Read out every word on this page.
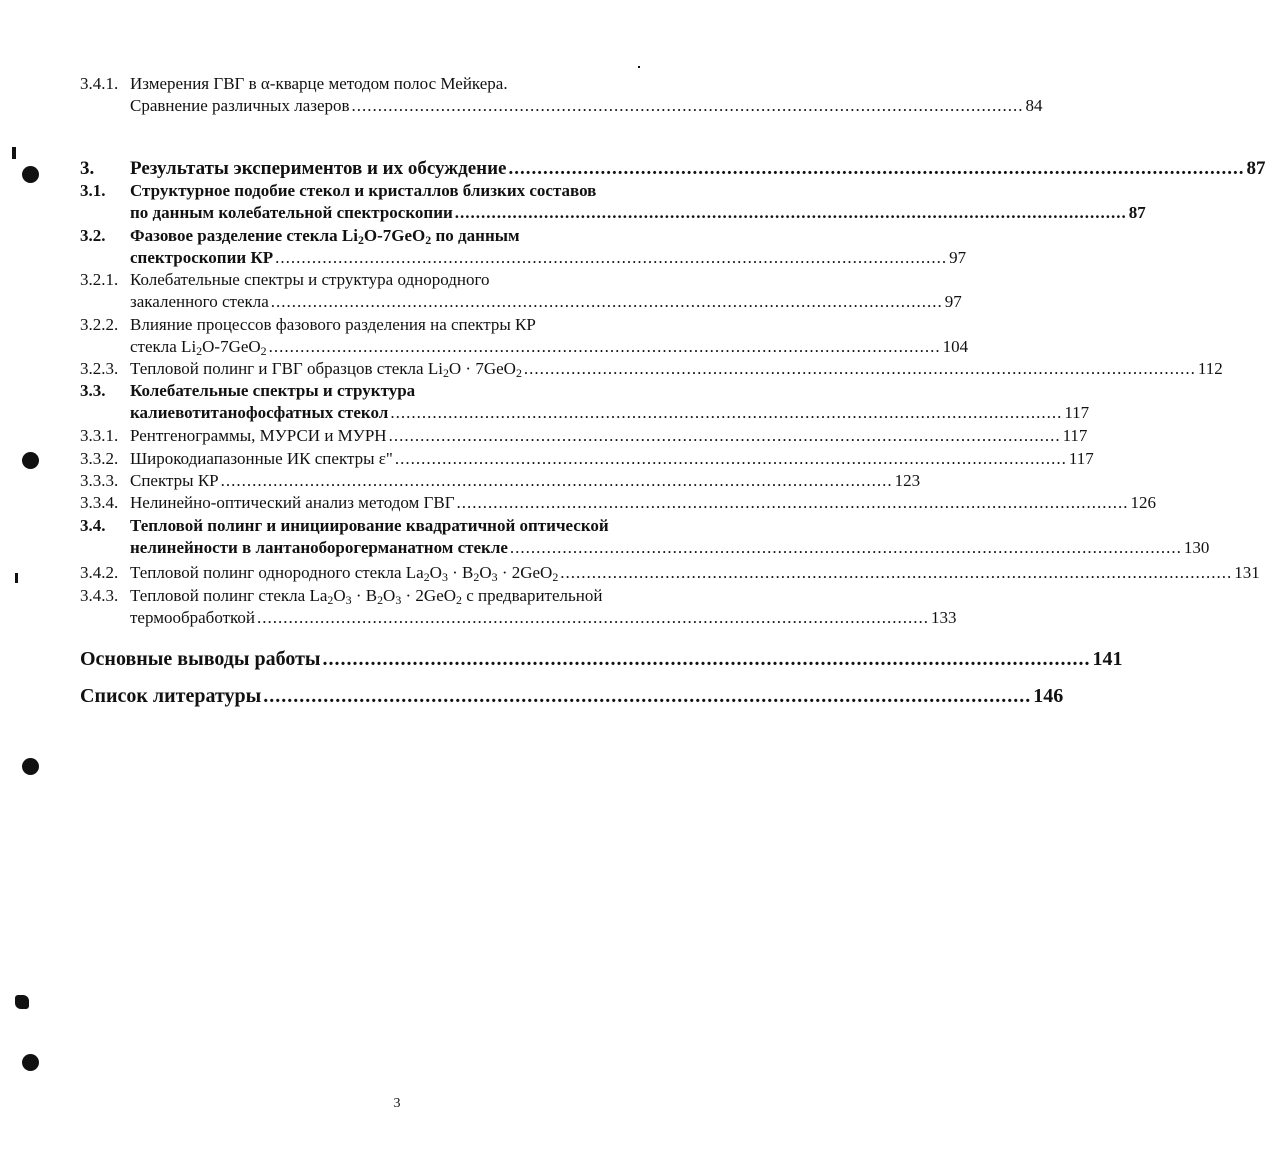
3.4.1. Измерения ГВГ в α-кварце методом полос Мейкера.
Сравнение различных лазеров ................................................................................................................................ 84
3. Результаты экспериментов и их обсуждение ................................................................................................................................ 87
3.1. Структурное подобие стекол и кристаллов близких составов
по данным колебательной спектроскопии ................................................................................................................................ 87
3.2. Фазовое разделение стекла $Li_2O-7GeO_2$ по данным
спектроскопии КР ................................................................................................................................ 97
3.2.1. Колебательные спектры и структура однородного
закаленного стекла ................................................................................................................................ 97
3.2.2. Влияние процессов фазового разделения на спектры КР
стекла $Li_2O-7GeO_2$ ................................................................................................................................ 104
3.2.3. Тепловой полинг и ГВГ образцов стекла $Li_2O \cdot 7GeO_2$ ................................................................................................................................ 112
3.3. Колебательные спектры и структура
калиевотитанофосфатных стекол ................................................................................................................................ 117
3.3.1. Рентгенограммы, МУРСИ и МУРН ................................................................................................................................ 117
3.3.2. Широкодиапазонные ИК спектры ε" ................................................................................................................................ 117
3.3.3. Спектры КР ................................................................................................................................ 123
3.3.4. Нелинейно-оптический анализ методом ГВГ ................................................................................................................................ 126
3.4. Тепловой полинг и инициирование квадратичной оптической
нелинейности в лантаноборогерманатном стекле ................................................................................................................................ 130
3.4.2. Тепловой полинг однородного стекла $La_2O_3 \cdot B_2O_3 \cdot 2GeO_2$ ................................................................................................................................ 131
3.4.3. Тепловой полинг стекла $La_2O_3 \cdot B_2O_3 \cdot 2GeO_2$ с предварительной
термообработкой ................................................................................................................................ 133
Основные выводы работы ................................................................................................................................ 141
Список литературы ................................................................................................................................ 146
3
